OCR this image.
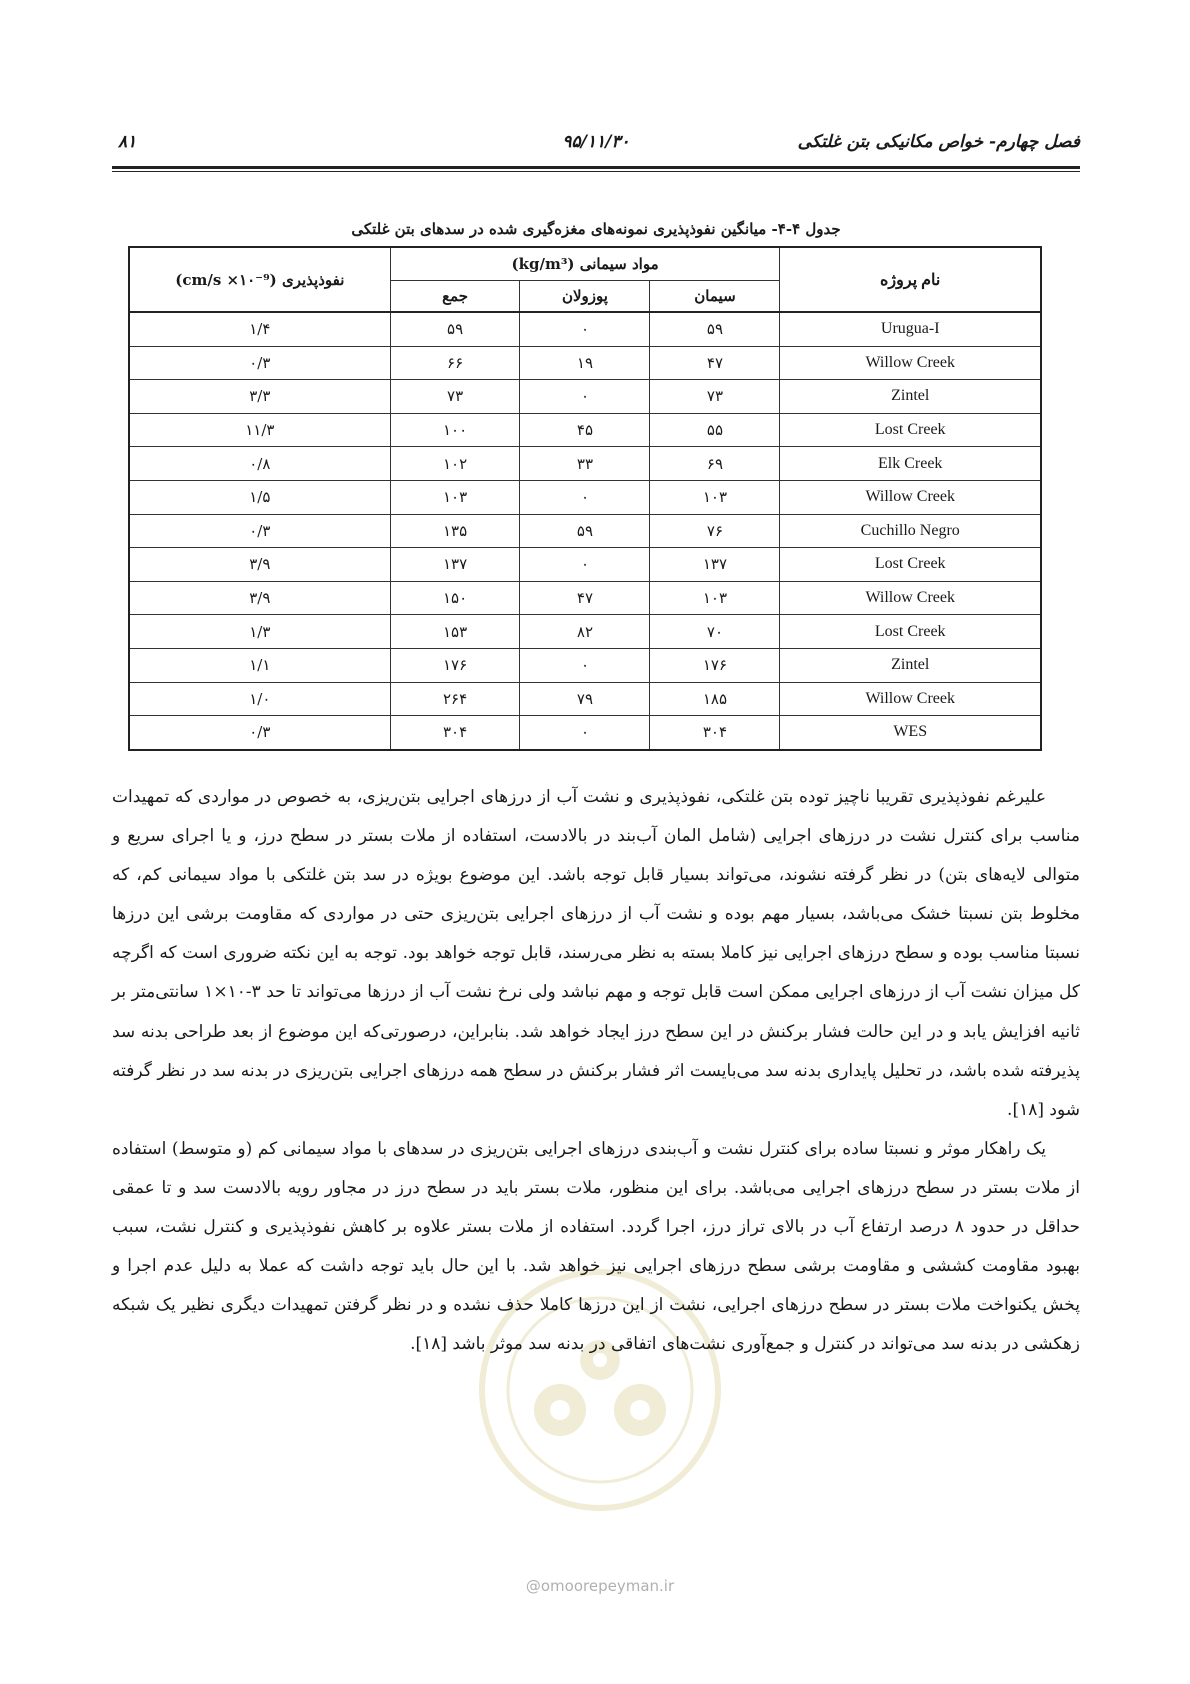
فصل چهارم- خواص مکانیکی بتن غلتکی
۹۵/۱۱/۳۰
۸۱
جدول ۴-۴- میانگین نفوذپذیری نمونه‌های مغزه‌گیری شده در سدهای بتن غلتکی
نام پروژه	مواد سیمانی (kg/m³)			نفوذپذیری (cm/s ×۱۰⁻⁹)
	سیمان	پوزولان	جمع	
Urugua-I	۵۹	۰	۵۹	۱/۴
Willow Creek	۴۷	۱۹	۶۶	۰/۳
Zintel	۷۳	۰	۷۳	۳/۳
Lost Creek	۵۵	۴۵	۱۰۰	۱۱/۳
Elk Creek	۶۹	۳۳	۱۰۲	۰/۸
Willow Creek	۱۰۳	۰	۱۰۳	۱/۵
Cuchillo Negro	۷۶	۵۹	۱۳۵	۰/۳
Lost Creek	۱۳۷	۰	۱۳۷	۳/۹
Willow Creek	۱۰۳	۴۷	۱۵۰	۳/۹
Lost Creek	۷۰	۸۲	۱۵۳	۱/۳
Zintel	۱۷۶	۰	۱۷۶	۱/۱
Willow Creek	۱۸۵	۷۹	۲۶۴	۱/۰
WES	۳۰۴	۰	۳۰۴	۰/۳
@omoorepeyman.ir

علیرغم نفوذپذیری تقریبا ناچیز توده بتن غلتکی، نفوذپذیری و نشت آب از درزهای اجرایی بتن‌ریزی، به خصوص در مواردی که تمهیدات مناسب برای کنترل نشت در درزهای اجرایی (شامل المان آب‌بند در بالادست، استفاده از ملات بستر در سطح درز، و یا اجرای سریع و متوالی لایه‌های بتن) در نظر گرفته نشوند، می‌تواند بسیار قابل توجه باشد. این موضوع بویژه در سد بتن غلتکی با مواد سیمانی کم، که مخلوط بتن نسبتا خشک می‌باشد، بسیار مهم بوده و نشت آب از درزهای اجرایی بتن‌ریزی حتی در مواردی که مقاومت برشی این درزها نسبتا مناسب بوده و سطح درزهای اجرایی نیز کاملا بسته به نظر می‌رسند، قابل توجه خواهد بود. توجه به این نکته ضروری است که اگرچه کل میزان نشت آب از درزهای اجرایی ممکن است قابل توجه و مهم نباشد ولی نرخ نشت آب از درزها می‌تواند تا حد ۳-۱۰×۱ سانتی‌متر بر ثانیه افزایش یابد و در این حالت فشار برکنش در این سطح درز ایجاد خواهد شد. بنابراین، درصورتی‌که این موضوع از بعد طراحی بدنه سد پذیرفته شده باشد، در تحلیل پایداری بدنه سد می‌بایست اثر فشار برکنش در سطح همه درزهای اجرایی بتن‌ریزی در بدنه سد در نظر گرفته شود [۱۸].

یک راهکار موثر و نسبتا ساده برای کنترل نشت و آب‌بندی درزهای اجرایی بتن‌ریزی در سدهای با مواد سیمانی کم (و متوسط) استفاده از ملات بستر در سطح درزهای اجرایی می‌باشد. برای این منظور، ملات بستر باید در سطح درز در مجاور رویه بالادست سد و تا عمقی حداقل در حدود ۸ درصد ارتفاع آب در بالای تراز درز، اجرا گردد. استفاده از ملات بستر علاوه بر کاهش نفوذپذیری و کنترل نشت، سبب بهبود مقاومت کششی و مقاومت برشی سطح درزهای اجرایی نیز خواهد شد. با این حال باید توجه داشت که عملا به دلیل عدم اجرا و پخش یکنواخت ملات بستر در سطح درزهای اجرایی، نشت از این درزها کاملا حذف نشده و در نظر گرفتن تمهیدات دیگری نظیر یک شبکه زهکشی در بدنه سد می‌تواند در کنترل و جمع‌آوری نشت‌های اتفاقی در بدنه سد موثر باشد [۱۸].
